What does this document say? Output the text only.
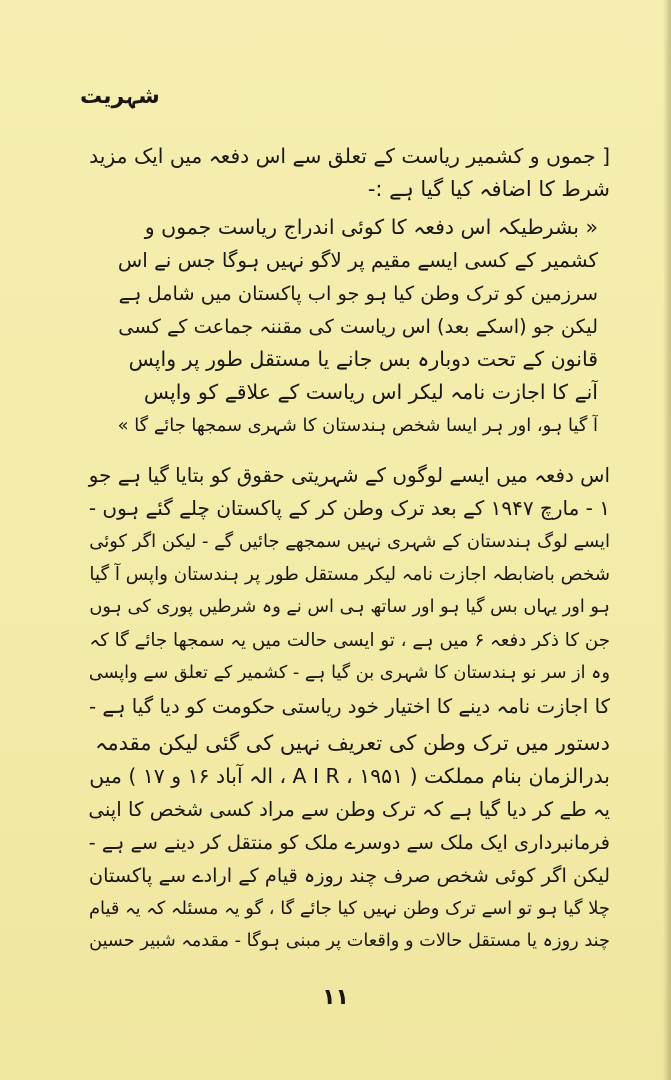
شہریت
[ جموں و کشمیر ریاست کے تعلق سے اس دفعہ میں ایک مزید
شرط کا اضافہ کیا گیا ہے :-
« بشرطیکہ اس دفعہ کا کوئی اندراج ریاست جموں و
کشمیر کے کسی ایسے مقیم پر لاگو نہیں ہوگا جس نے اس
سرزمین کو ترک وطن کیا ہو جو اب پاکستان میں شامل ہے
لیکن جو (اسکے بعد) اس ریاست کی مقننہ جماعت کے کسی
قانون کے تحت دوبارہ بس جانے یا مستقل طور پر واپس
آنے کا اجازت نامہ لیکر اس ریاست کے علاقے کو واپس
آ گیا ہو، اور ہر ایسا شخص ہندستان کا شہری سمجھا جائے گا »
اس دفعہ میں ایسے لوگوں کے شہریتی حقوق کو بتایا گیا ہے جو
۱ - مارچ ۱۹۴۷ کے بعد ترک وطن کر کے پاکستان چلے گئے ہوں -
ایسے لوگ ہندستان کے شہری نہیں سمجھے جائیں گے - لیکن اگر کوئی
شخص باضابطہ اجازت نامہ لیکر مستقل طور پر ہندستان واپس آ گیا
ہو اور یہاں بس گیا ہو اور ساتھ ہی اس نے وہ شرطیں پوری کی ہوں
جن کا ذکر دفعہ ۶ میں ہے ، تو ایسی حالت میں یہ سمجھا جائے گا کہ
وہ از سر نو ہندستان کا شہری بن گیا ہے - کشمیر کے تعلق سے واپسی
کا اجازت نامہ دینے کا اختیار خود ریاستی حکومت کو دیا گیا ہے -
دستور میں ترک وطن کی تعریف نہیں کی گئی لیکن مقدمہ
بدرالزمان بنام مملکت ( A I R ، ۱۹۵۱ ، الہ آباد ۱۶ و ۱۷ ) میں
یہ طے کر دیا گیا ہے کہ ترک وطن سے مراد کسی شخص کا اپنی
فرمانبرداری ایک ملک سے دوسرے ملک کو منتقل کر دینے سے ہے -
لیکن اگر کوئی شخص صرف چند روزہ قیام کے ارادے سے پاکستان
چلا گیا ہو تو اسے ترک وطن نہیں کیا جائے گا ، گو یہ مسئلہ کہ یہ قیام
چند روزہ یا مستقل حالات و واقعات پر مبنی ہوگا - مقدمہ شبیر حسین
۱۱
